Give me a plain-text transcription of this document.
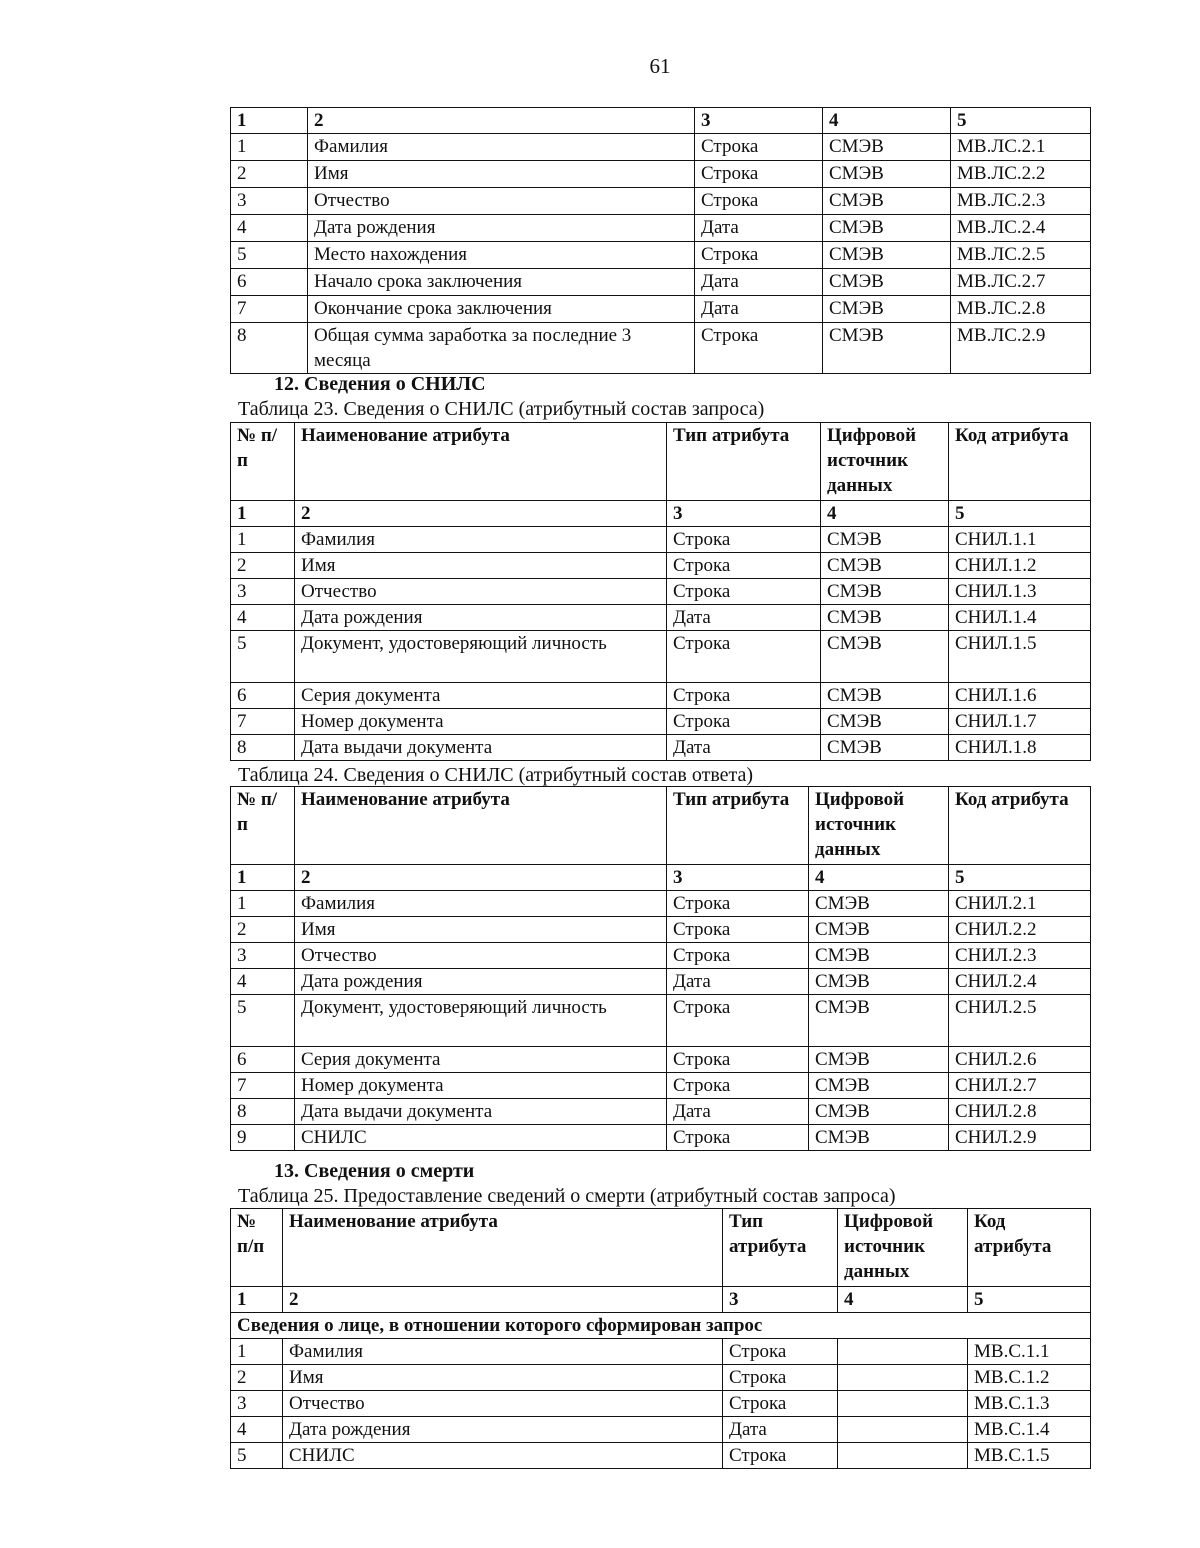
61
1	2	3	4	5
1	Фамилия	Строка	СМЭВ	МВ.ЛС.2.1
2	Имя	Строка	СМЭВ	МВ.ЛС.2.2
3	Отчество	Строка	СМЭВ	МВ.ЛС.2.3
4	Дата рождения	Дата	СМЭВ	МВ.ЛС.2.4
5	Место нахождения	Строка	СМЭВ	МВ.ЛС.2.5
6	Начало срока заключения	Дата	СМЭВ	МВ.ЛС.2.7
7	Окончание срока заключения	Дата	СМЭВ	МВ.ЛС.2.8
8	Общая сумма заработка за последние 3 месяца	Строка	СМЭВ	МВ.ЛС.2.9
12. Сведения о СНИЛС
Таблица 23. Сведения о СНИЛС (атрибутный состав запроса)
№ п/п	Наименование атрибута	Тип атрибута	Цифровой источник данных	Код атрибута
1	2	3	4	5
1	Фамилия	Строка	СМЭВ	СНИЛ.1.1
2	Имя	Строка	СМЭВ	СНИЛ.1.2
3	Отчество	Строка	СМЭВ	СНИЛ.1.3
4	Дата рождения	Дата	СМЭВ	СНИЛ.1.4
5	Документ, удостоверяющий личность	Строка	СМЭВ	СНИЛ.1.5
6	Серия документа	Строка	СМЭВ	СНИЛ.1.6
7	Номер документа	Строка	СМЭВ	СНИЛ.1.7
8	Дата выдачи документа	Дата	СМЭВ	СНИЛ.1.8
Таблица 24. Сведения о СНИЛС (атрибутный состав ответа)
№ п/п	Наименование атрибута	Тип атрибута	Цифровой источник данных	Код атрибута
1	2	3	4	5
1	Фамилия	Строка	СМЭВ	СНИЛ.2.1
2	Имя	Строка	СМЭВ	СНИЛ.2.2
3	Отчество	Строка	СМЭВ	СНИЛ.2.3
4	Дата рождения	Дата	СМЭВ	СНИЛ.2.4
5	Документ, удостоверяющий личность	Строка	СМЭВ	СНИЛ.2.5
6	Серия документа	Строка	СМЭВ	СНИЛ.2.6
7	Номер документа	Строка	СМЭВ	СНИЛ.2.7
8	Дата выдачи документа	Дата	СМЭВ	СНИЛ.2.8
9	СНИЛС	Строка	СМЭВ	СНИЛ.2.9
13. Сведения о смерти
Таблица 25. Предоставление сведений о смерти (атрибутный состав запроса)
№ п/п	Наименование атрибута	Тип атрибута	Цифровой источник данных	Код атрибута
1	2	3	4	5
Сведения о лице, в отношении которого сформирован запрос				
1	Фамилия	Строка		МВ.С.1.1
2	Имя	Строка		МВ.С.1.2
3	Отчество	Строка		МВ.С.1.3
4	Дата рождения	Дата		МВ.С.1.4
5	СНИЛС	Строка		МВ.С.1.5
